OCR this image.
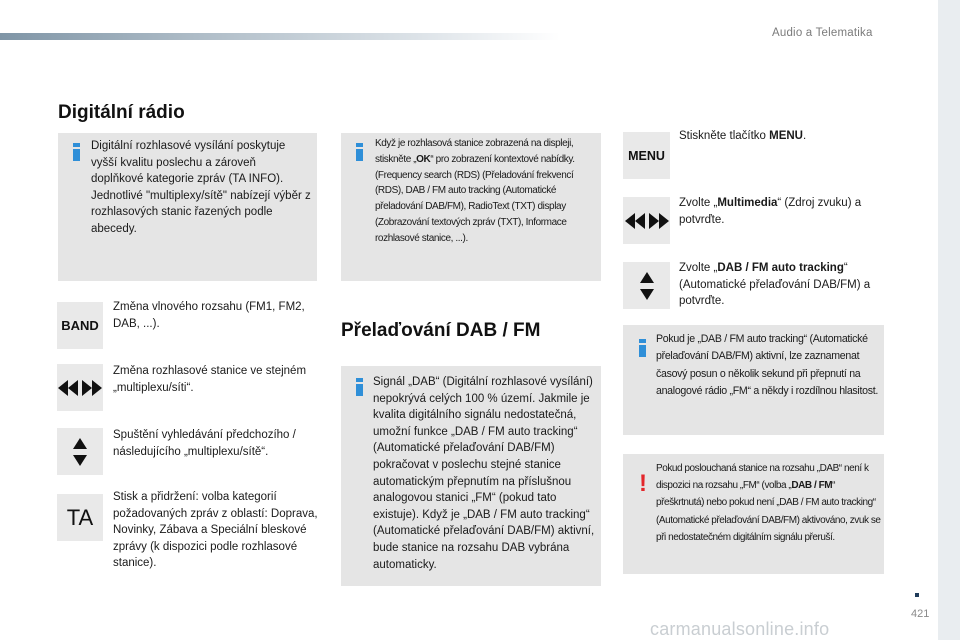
Audio a Telematika
Digitální rádio
Digitální rozhlasové vysílání poskytuje vyšší kvalitu poslechu a zároveň doplňkové kategorie zpráv (TA INFO). Jednotlivé "multiplexy/sítě" nabízejí výběr z rozhlasových stanic řazených podle abecedy.
Když je rozhlasová stanice zobrazená na displeji, stiskněte „OK“ pro zobrazení kontextové nabídky. (Frequency search (RDS) (Přeladování frekvencí (RDS), DAB / FM auto tracking (Automatické přeladování DAB/FM), RadioText (TXT) display (Zobrazování textových zpráv (TXT), Informace rozhlasové stanice, ...).
BAND
Změna vlnového rozsahu (FM1, FM2, DAB, ...).
Změna rozhlasové stanice ve stejném „multiplexu/síti“.
Spuštění vyhledávání předchozího / následujícího „multiplexu/sítě“.
TA
Stisk a přidržení: volba kategorií požadovaných zpráv z oblastí: Doprava, Novinky, Zábava a Speciální bleskové zprávy (k dispozici podle rozhlasové stanice).
Přelaďování DAB / FM
Signál „DAB“ (Digitální rozhlasové vysílání) nepokrývá celých 100 % území. Jakmile je kvalita digitálního signálu nedostatečná, umožní funkce „DAB / FM auto tracking“ (Automatické přelaďování DAB/FM) pokračovat v poslechu stejné stanice automatickým přepnutím na příslušnou analogovou stanici „FM“ (pokud tato existuje). Když je „DAB / FM auto tracking“ (Automatické přelaďování DAB/FM) aktivní, bude stanice na rozsahu DAB vybrána automaticky.
MENU
Stiskněte tlačítko MENU.
Zvolte „Multimedia“ (Zdroj zvuku) a potvrďte.
Zvolte „DAB / FM auto tracking“ (Automatické přelaďování DAB/FM) a potvrďte.
Pokud je „DAB / FM auto tracking“ (Automatické přelaďování DAB/FM) aktivní, lze zaznamenat časový posun o několik sekund při přepnutí na analogové rádio „FM“ a někdy i rozdílnou hlasitost.
!
Pokud poslouchaná stanice na rozsahu „DAB“ není k dispozici na rozsahu „FM“ (volba „DAB / FM“ přeškrtnutá) nebo pokud není „DAB / FM auto tracking“ (Automatické přelaďování DAB/FM) aktivováno, zvuk se při nedostatečném digitálním signálu přeruší.
421
carmanualsonline.info
